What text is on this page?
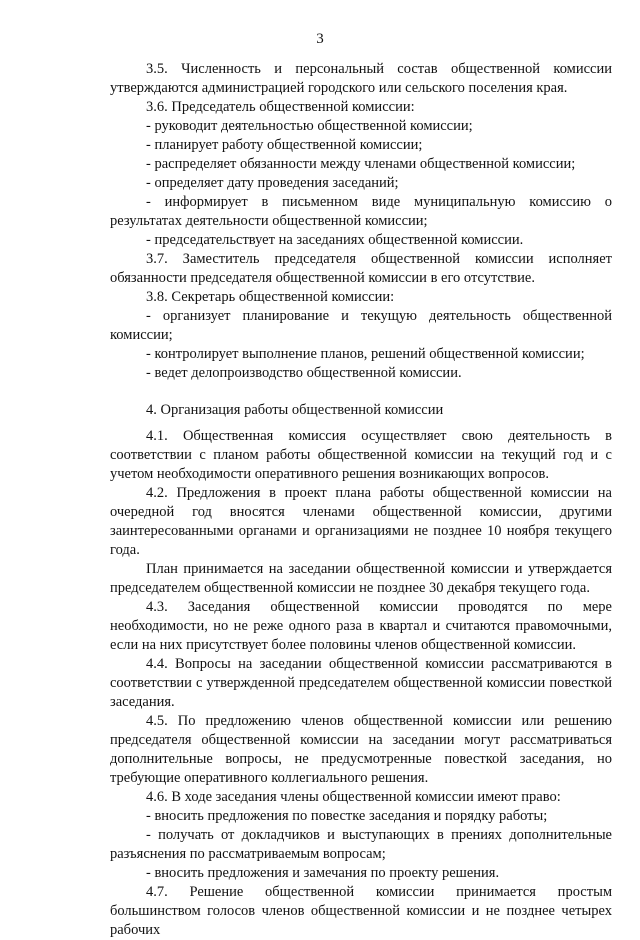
3

3.5. Численность и персональный состав общественной комиссии утверждаются администрацией городского или сельского поселения края.

3.6. Председатель общественной комиссии:

- руководит деятельностью общественной комиссии;

- планирует работу общественной комиссии;

- распределяет обязанности между членами общественной комиссии;

- определяет дату проведения заседаний;

- информирует в письменном виде муниципальную комиссию о результатах деятельности общественной комиссии;

- председательствует на заседаниях общественной комиссии.

3.7. Заместитель председателя общественной комиссии исполняет обязанности председателя общественной комиссии в его отсутствие.

3.8. Секретарь общественной комиссии:

- организует планирование и текущую деятельность общественной комиссии;

- контролирует выполнение планов, решений общественной комиссии;

- ведет делопроизводство общественной комиссии.

4. Организация работы общественной комиссии

4.1. Общественная комиссия осуществляет свою деятельность в соответствии с планом работы общественной комиссии на текущий год и с учетом необходимости оперативного решения возникающих вопросов.

4.2. Предложения в проект плана работы общественной комиссии на очередной год вносятся членами общественной комиссии, другими заинтересованными органами и организациями не позднее 10 ноября текущего года.

План принимается на заседании общественной комиссии и утверждается председателем общественной комиссии не позднее 30 декабря текущего года.

4.3. Заседания общественной комиссии проводятся по мере необходимости, но не реже одного раза в квартал и считаются правомочными, если на них присутствует более половины членов общественной комиссии.

4.4. Вопросы на заседании общественной комиссии рассматриваются в соответствии с утвержденной председателем общественной комиссии повесткой заседания.

4.5. По предложению членов общественной комиссии или решению председателя общественной комиссии на заседании могут рассматриваться дополнительные вопросы, не предусмотренные повесткой заседания, но требующие оперативного коллегиального решения.

4.6. В ходе заседания члены общественной комиссии имеют право:

- вносить предложения по повестке заседания и порядку работы;

- получать от докладчиков и выступающих в прениях дополнительные разъяснения по рассматриваемым вопросам;

- вносить предложения и замечания по проекту решения.

4.7. Решение общественной комиссии принимается простым большинством голосов членов общественной комиссии и не позднее четырех рабочих
